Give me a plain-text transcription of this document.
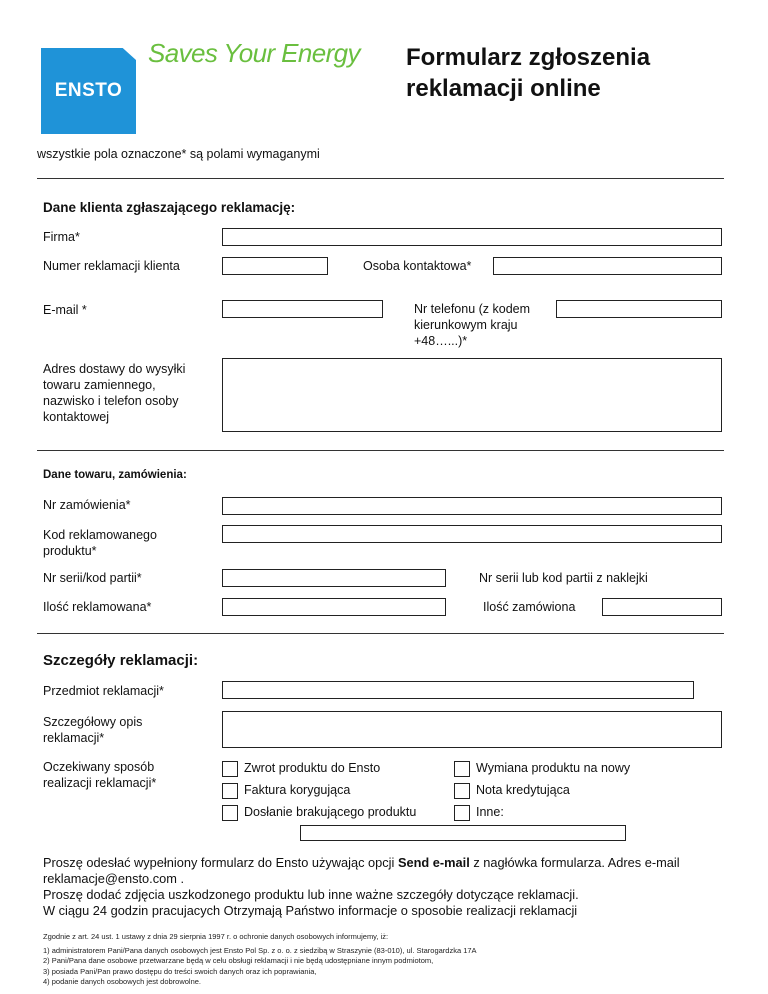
ENSTO
Saves Your Energy Formularz zgłoszenia
reklamacji online
wszystkie pola oznaczone* są polami wymaganymi
Dane klienta zgłaszającego reklamację:
Firma*
Numer reklamacji klienta	Osoba kontaktowa*
E-mail *	Nr telefonu (z kodem kierunkowym kraju +48…...)*
Adres dostawy do wysyłki towaru zamiennego, nazwisko i telefon osoby kontaktowej
Dane towaru, zamówienia:
Nr zamówienia*
Kod reklamowanego produktu*
Nr serii/kod partii*	Nr serii lub kod partii z naklejki
Ilość reklamowana*	Ilość zamówiona
Szczegóły reklamacji:
Przedmiot reklamacji*
Szczegółowy opis reklamacji*
Oczekiwany sposób realizacji reklamacji*
Zwrot produktu do Ensto	Wymiana produktu na nowy
Faktura korygująca	Nota kredytująca
Dosłanie brakującego produktu	Inne:
Proszę odesłać wypełniony formularz do Ensto używając opcji Send e-mail z nagłówka formularza. Adres e-mail reklamacje@ensto.com .
Proszę dodać zdjęcia uszkodzonego produktu lub inne ważne szczegóły dotyczące reklamacji.
W ciągu 24 godzin pracujacych Otrzymają Państwo informacje o sposobie realizacji reklamacji
Zgodnie z art. 24 ust. 1 ustawy z dnia 29 sierpnia 1997 r. o ochronie danych osobowych informujemy, iż:
1) administratorem Pani/Pana danych osobowych jest Ensto Pol Sp. z o. o. z siedzibą w Straszynie (83-010), ul. Starogardzka 17A
2) Pani/Pana dane osobowe przetwarzane będą w celu obsługi reklamacji i nie będą udostępniane innym podmiotom,
3) posiada Pani/Pan prawo dostępu do treści swoich danych oraz ich poprawiania,
4) podanie danych osobowych jest dobrowolne.
